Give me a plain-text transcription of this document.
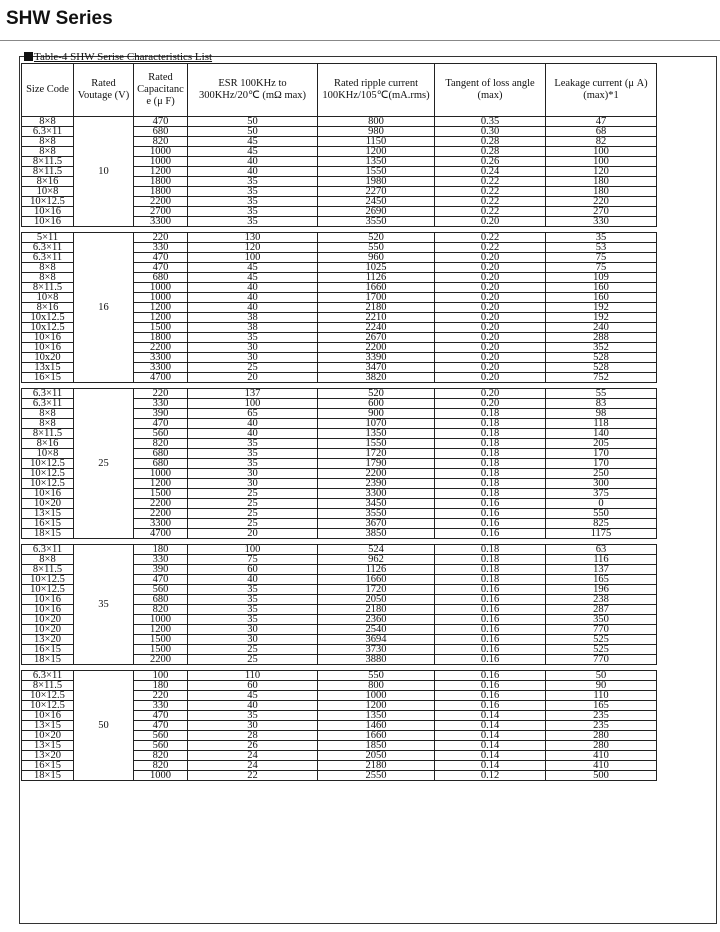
SHW Series
Table-4 SHW Serise Characteristics List
Size Code	Rated Voutage (V)	Rated Capacitanc e (μ F)	ESR 100KHz to 300KHz/20℃ (mΩ max)	Rated ripple current 100KHz/105℃(mA.rms)	Tangent of loss angle (max)	Leakage current (μ A) (max)*1
8×8	10	470	50	800	0.35	47
6.3×11		680	50	980	0.30	68
8×8		820	45	1150	0.28	82
8×8		1000	45	1200	0.28	100
8×11.5		1000	40	1350	0.26	100
8×11.5		1200	40	1550	0.24	120
8×16		1800	35	1980	0.22	180
10×8		1800	35	2270	0.22	180
10×12.5		2200	35	2450	0.22	220
10×16		2700	35	2690	0.22	270
10×16		3300	35	3550	0.20	330

5×11	16	220	130	520	0.22	35
6.3×11		330	120	550	0.22	53
6.3×11		470	100	960	0.20	75
8×8		470	45	1025	0.20	75
8×8		680	45	1126	0.20	109
8×11.5		1000	40	1660	0.20	160
10×8		1000	40	1700	0.20	160
8×16		1200	40	2180	0.20	192
10x12.5		1200	38	2210	0.20	192
10x12.5		1500	38	2240	0.20	240
10×16		1800	35	2670	0.20	288
10×16		2200	30	2200	0.20	352
10x20		3300	30	3390	0.20	528
13x15		3300	25	3470	0.20	528
16×15		4700	20	3820	0.20	752

6.3×11	25	220	137	520	0.20	55
6.3×11		330	100	600	0.20	83
8×8		390	65	900	0.18	98
8×8		470	40	1070	0.18	118
8×11.5		560	40	1350	0.18	140
8×16		820	35	1550	0.18	205
10×8		680	35	1720	0.18	170
10×12.5		680	35	1790	0.18	170
10×12.5		1000	30	2200	0.18	250
10×12.5		1200	30	2390	0.18	300
10×16		1500	25	3300	0.18	375
10×20		2200	25	3450	0.16	0
13×15		2200	25	3550	0.16	550
16×15		3300	25	3670	0.16	825
18×15		4700	20	3850	0.16	1175

6.3×11	35	180	100	524	0.18	63
8×8		330	75	962	0.18	116
8×11.5		390	60	1126	0.18	137
10×12.5		470	40	1660	0.18	165
10×12.5		560	35	1720	0.16	196
10×16		680	35	2050	0.16	238
10×16		820	35	2180	0.16	287
10×20		1000	35	2360	0.16	350
10×20		1200	30	2540	0.16	770
13×20		1500	30	3694	0.16	525
16×15		1500	25	3730	0.16	525
18×15		2200	25	3880	0.16	770

6.3×11	50	100	110	550	0.16	50
8×11.5		180	60	800	0.16	90
10×12.5		220	45	1000	0.16	110
10×12.5		330	40	1200	0.16	165
10×16		470	35	1350	0.14	235
13×15		470	30	1460	0.14	235
10×20		560	28	1660	0.14	280
13×15		560	26	1850	0.14	280
13×20		820	24	2050	0.14	410
16×15		820	24	2180	0.14	410
18×15		1000	22	2550	0.12	500
